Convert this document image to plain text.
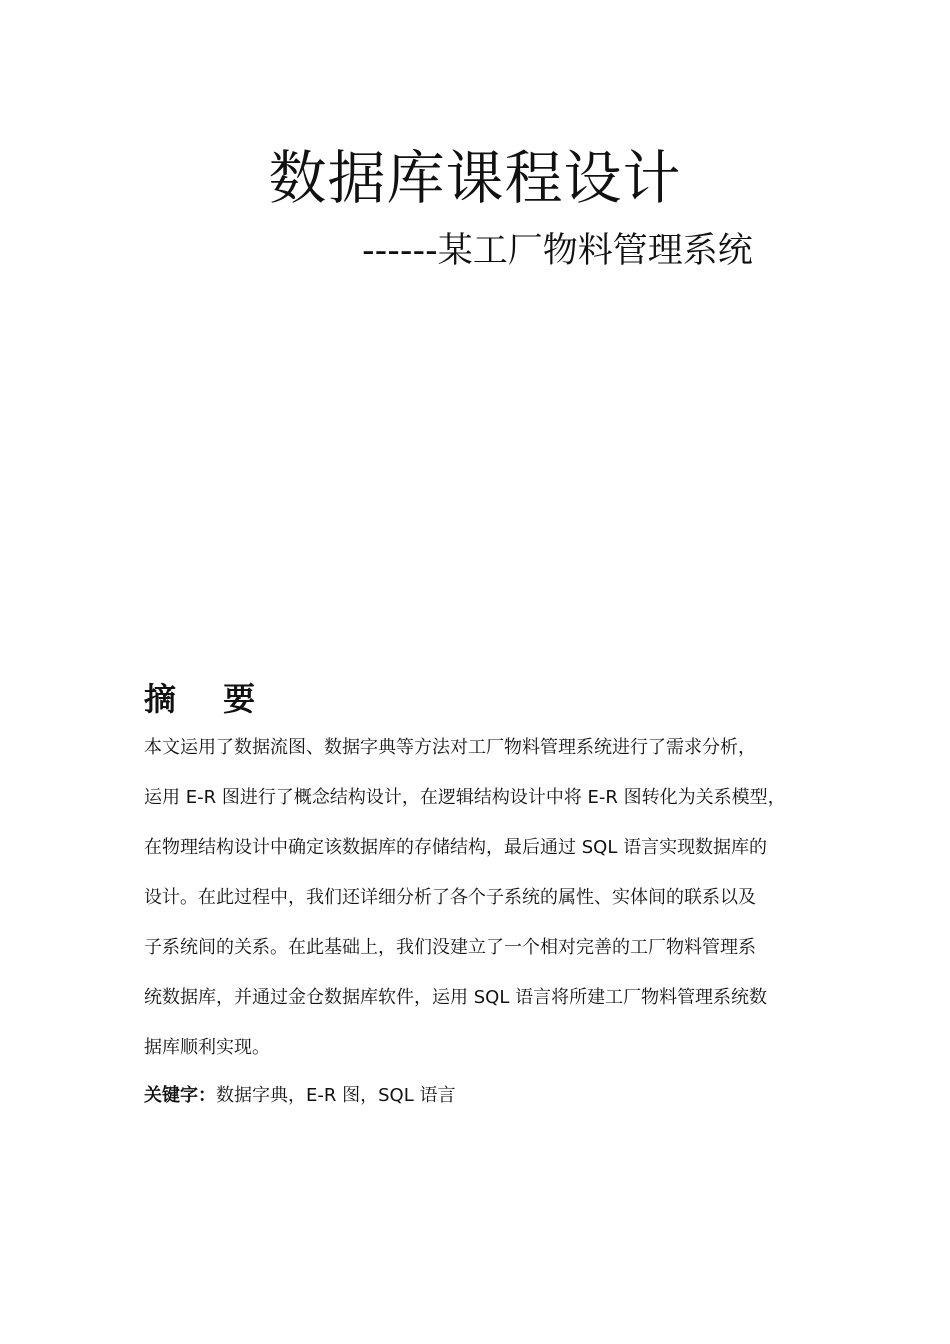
数据库课程设计

------某工厂物料管理系统

摘 要
本文运用了数据流图、数据字典等方法对工厂物料管理系统进行了需求分析，
运用 E-R 图进行了概念结构设计，在逻辑结构设计中将 E-R 图转化为关系模型，
在物理结构设计中确定该数据库的存储结构，最后通过 SQL 语言实现数据库的
设计。在此过程中，我们还详细分析了各个子系统的属性、实体间的联系以及
子系统间的关系。在此基础上，我们没建立了一个相对完善的工厂物料管理系
统数据库，并通过金仓数据库软件，运用 SQL 语言将所建工厂物料管理系统数
据库顺利实现。

关键字：数据字典，E-R 图，SQL 语言
